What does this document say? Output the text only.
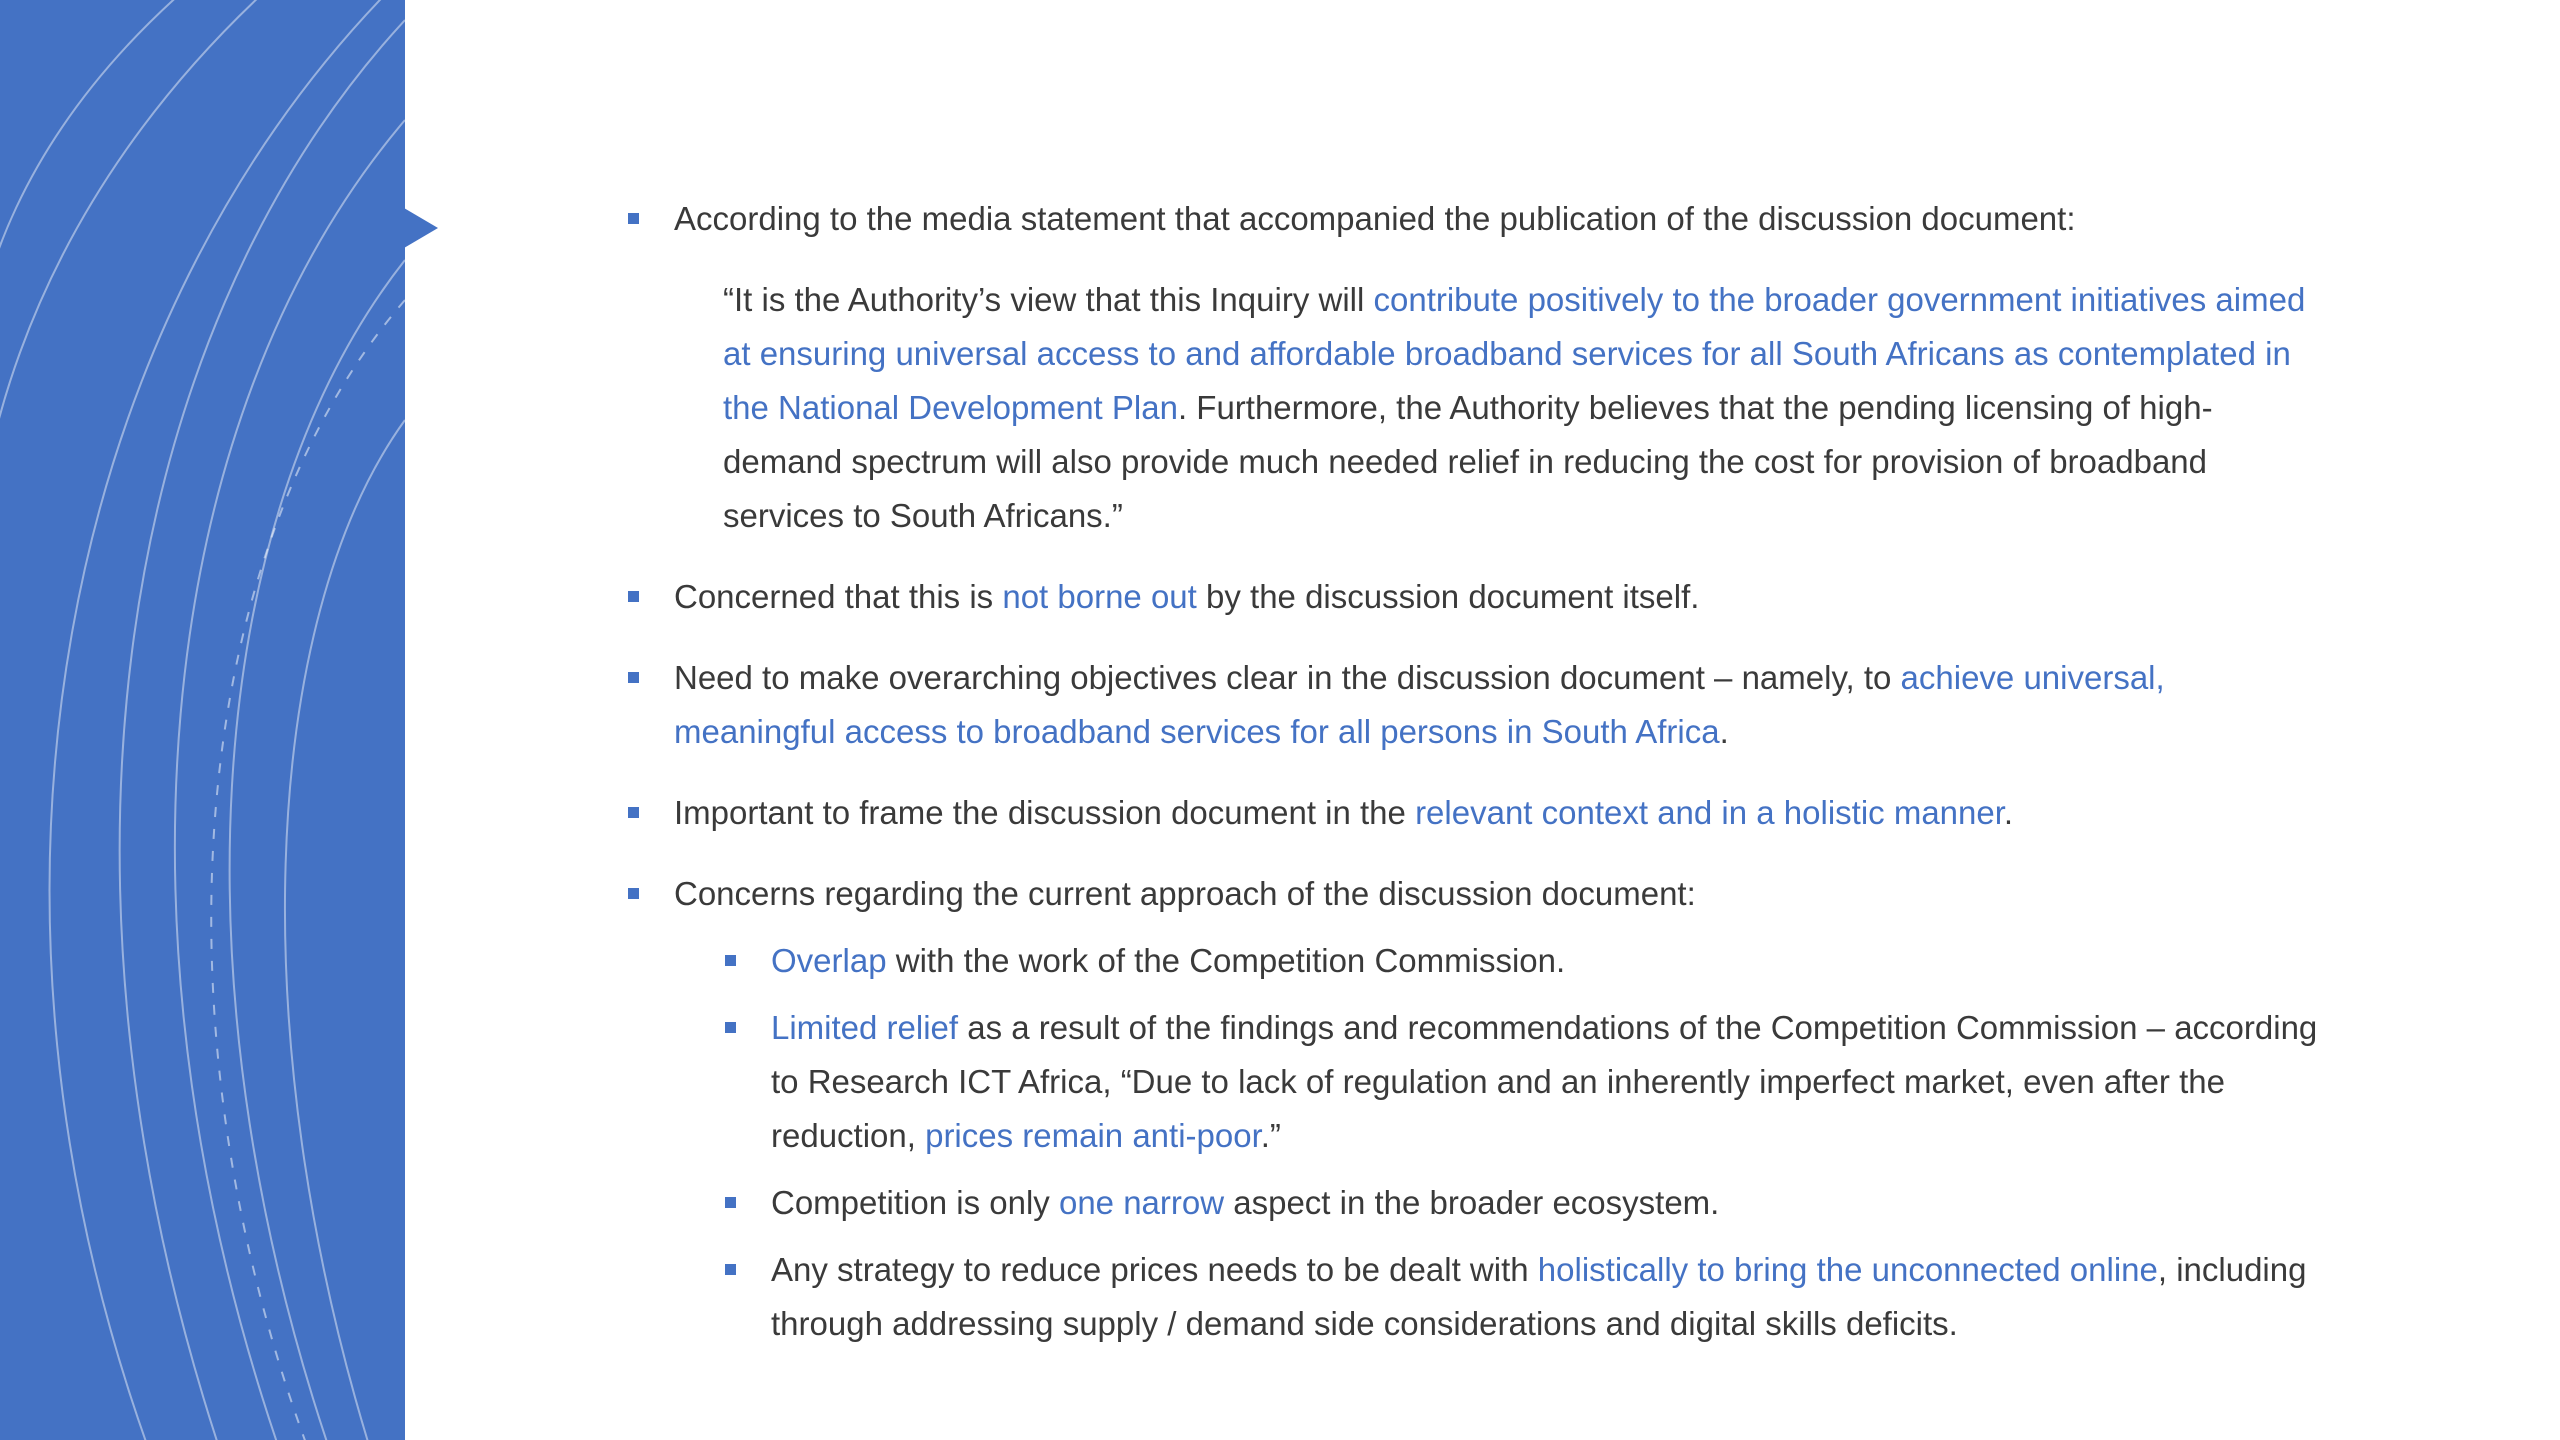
According to the media statement that accompanied the publication of the discussion document:

“It is the Authority’s view that this Inquiry will contribute positively to the broader government initiatives aimed at ensuring universal access to and affordable broadband services for all South Africans as contemplated in the National Development Plan. Furthermore, the Authority believes that the pending licensing of high-demand spectrum will also provide much needed relief in reducing the cost for provision of broadband services to South Africans.”

Concerned that this is not borne out by the discussion document itself.

Need to make overarching objectives clear in the discussion document – namely, to achieve universal, meaningful access to broadband services for all persons in South Africa.

Important to frame the discussion document in the relevant context and in a holistic manner.

Concerns regarding the current approach of the discussion document:

Overlap with the work of the Competition Commission.

Limited relief as a result of the findings and recommendations of the Competition Commission – according to Research ICT Africa, “Due to lack of regulation and an inherently imperfect market, even after the reduction, prices remain anti-poor.”

Competition is only one narrow aspect in the broader ecosystem.

Any strategy to reduce prices needs to be dealt with holistically to bring the unconnected online, including through addressing supply / demand side considerations and digital skills deficits.
